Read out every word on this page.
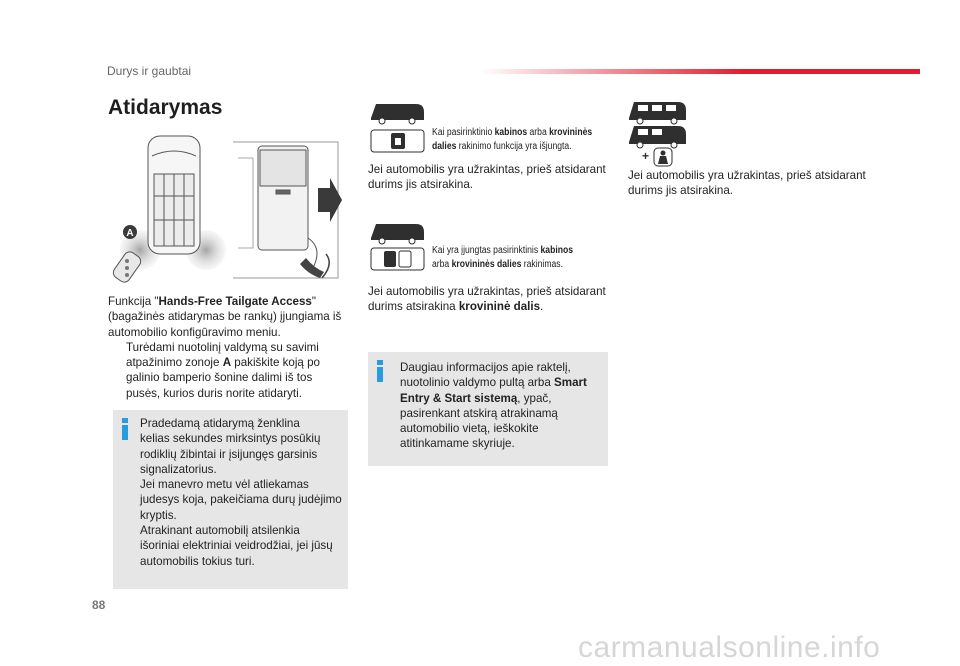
Durys ir gaubtai
Atidarymas
A
Funkcija "Hands-Free Tailgate Access"
(bagažinės atidarymas be rankų) įjungiama iš
automobilio konfigūravimo meniu.
Turėdami nuotolinį valdymą su savimi
atpažinimo zonoje A pakiškite koją po
galinio bamperio šonine dalimi iš tos
pusės, kurios duris norite atidaryti.
Pradedamą atidarymą ženklina
kelias sekundes mirksintys posūkių
rodiklių žibintai ir įsijungęs garsinis
signalizatorius.
Jei manevro metu vėl atliekamas
judesys koja, pakeičiama durų judėjimo
kryptis.
Atrakinant automobilį atsilenkia
išoriniai elektriniai veidrodžiai, jei jūsų
automobilis tokius turi.
Kai pasirinktinio kabinos arba krovininės
dalies rakinimo funkcija yra išjungta.
Jei automobilis yra užrakintas, prieš atsidarant
durims jis atsirakina.
Kai yra įjungtas pasirinktinis kabinos
arba krovininės dalies rakinimas.
Jei automobilis yra užrakintas, prieš atsidarant
durims atsirakina krovininė dalis.
Daugiau informacijos apie raktelį,
nuotolinio valdymo pultą arba Smart
Entry & Start sistemą, ypač,
pasirenkant atskirą atrakinamą
automobilio vietą, ieškokite
atitinkamame skyriuje.
+
Jei automobilis yra užrakintas, prieš atsidarant
durims jis atsirakina.
88
carmanualsonline.info
